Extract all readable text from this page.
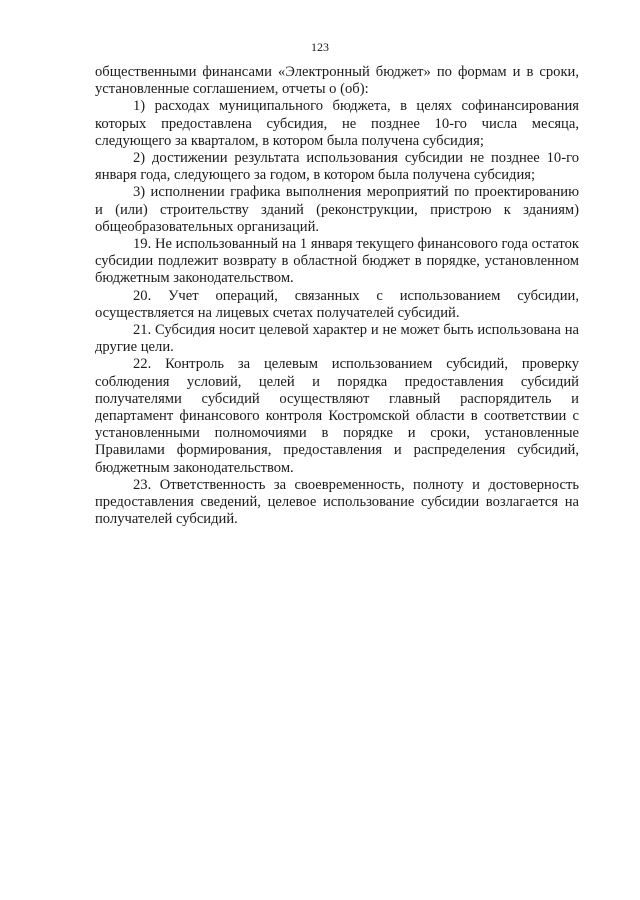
123

общественными финансами «Электронный бюджет» по формам и в сроки, установленные соглашением, отчеты о (об):

1) расходах муниципального бюджета, в целях софинансирования которых предоставлена субсидия, не позднее 10-го числа месяца, следующего за кварталом, в котором была получена субсидия;

2) достижении результата использования субсидии не позднее 10-го января года, следующего за годом, в котором была получена субсидия;

3) исполнении графика выполнения мероприятий по проектированию и (или) строительству зданий (реконструкции, пристрою к зданиям) общеобразовательных организаций.

19. Не использованный на 1 января текущего финансового года остаток субсидии подлежит возврату в областной бюджет в порядке, установленном бюджетным законодательством.

20. Учет операций, связанных с использованием субсидии, осуществляется на лицевых счетах получателей субсидий.

21. Субсидия носит целевой характер и не может быть использована на другие цели.

22. Контроль за целевым использованием субсидий, проверку соблюдения условий, целей и порядка предоставления субсидий получателями субсидий осуществляют главный распорядитель и департамент финансового контроля Костромской области в соответствии с установленными полномочиями в порядке и сроки, установленные Правилами формирования, предоставления и распределения субсидий, бюджетным законодательством.

23. Ответственность за своевременность, полноту и достоверность предоставления сведений, целевое использование субсидии возлагается на получателей субсидий.
